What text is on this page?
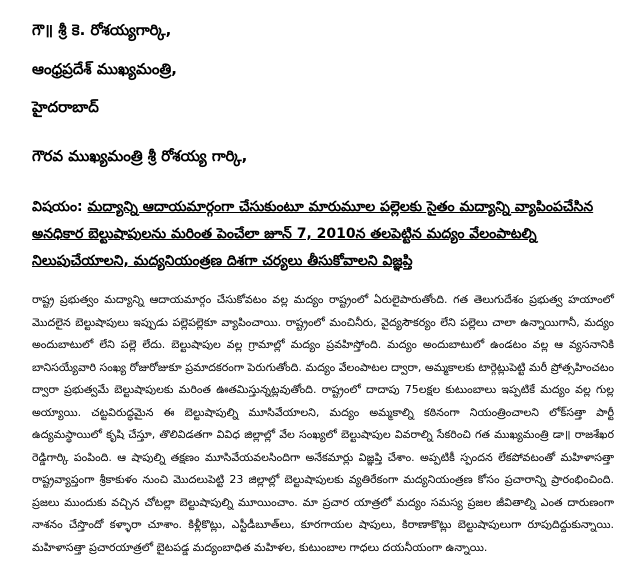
గౌ॥ శ్రీ కె. రోశయ్యగార్కి,
ఆంధ్రప్రదేశ్ ముఖ్యమంత్రి,
హైదరాబాద్
గౌరవ ముఖ్యమంత్రి శ్రీ రోశయ్య గార్కి,
విషయం: మద్యాన్ని ఆదాయమార్గంగా చేసుకుంటూ మారుమూల పల్లెలకు సైతం మద్యాన్ని వ్యాపింపచేసిన అనధికార బెల్టుషాపులను మరింత పెంచేలా జూన్ 7, 2010న తలపెట్టిన మద్యం వేలంపాటల్ని నిలుపుచేయాలని, మద్యనియంత్రణ దిశగా చర్యలు తీసుకోవాలని విజ్ఞప్తి
రాష్ట్ర ప్రభుత్వం మద్యాన్ని ఆదాయమార్గం చేసుకోవటం వల్ల మద్యం రాష్ట్రంలో ఏరులైపారుతోంది. గత తెలుగుదేశం ప్రభుత్వ హయాంలో మొదలైన బెల్టుషాపులు ఇప్పుడు పల్లెపల్లెకూ వ్యాపించాయి. రాష్ట్రంలో మంచినీరు, వైద్యసౌకర్యం లేని పల్లెలు చాలా ఉన్నాయిగానీ, మద్యం అందుబాటులో లేని పల్లె లేదు. బెల్టుషాపుల వల్ల గ్రామాల్లో మద్యం ప్రవహిస్తోంది. మద్యం అందుబాటులో ఉండటం వల్ల ఆ వ్యసనానికి బానిసయ్యేవారి సంఖ్య రోజురోజుకూ ప్రమాదకరంగా పెరుగుతోంది. మద్యం వేలంపాటల ద్వారా, అమ్మకాలకు టార్గెట్లుపెట్టి మరీ ప్రోత్సహించటం ద్వారా ప్రభుత్వమే బెల్టుషాపులకు మరింత ఊతమిస్తున్నట్లవుతోంది. రాష్ట్రంలో దాదాపు 75లక్షల కుటుంబాలు ఇప్పటికే మద్యం వల్ల గుల్ల అయ్యాయి. చట్టవిరుద్ధమైన ఈ బెల్టుషాపుల్ని మూసివేయాలని, మద్యం అమ్మకాల్ని కఠినంగా నియంత్రించాలని లోక్‌సత్తా పార్టీ ఉద్యమస్థాయిలో కృషి చేస్తూ, తొలివిడతగా వివిధ జిల్లాల్లో వేల సంఖ్యలో బెల్టుషాపుల వివరాల్ని సేకరించి గత ముఖ్యమంత్రి డా॥ రాజశేఖర రెడ్డిగార్కి పంపింది. ఆ షాపుల్ని తక్షణం మూసివేయవలసిందిగా అనేకమార్లు విజ్ఞప్తి చేశాం. అప్పటికీ స్పందన లేకపోవటంతో మహిళాసత్తా రాష్ట్రవ్యాప్తంగా శ్రీకాకుళం నుంచి మొదలుపెట్టి 23 జిల్లాల్లో బెల్టుషాపులకు వ్యతిరేకంగా మద్యనియంత్రణ కోసం ప్రచారాన్ని ప్రారంభించింది. ప్రజలు ముందుకు వచ్చిన చోటల్లా బెల్టుషాపుల్ని మూయించాం. మా ప్రచార యాత్రలో మద్యం సమస్య ప్రజల జీవితాల్ని ఎంత దారుణంగా నాశనం చేస్తొందో కళ్ళారా చూశాం. కిళ్లీకొట్లు, ఎస్టీడీబూత్‌లు, కూరగాయల షాపులు, కిరాణాకొట్లు బెల్టుషాపులుగా రూపుదిద్దుకున్నాయి. మహిళాసత్తా ప్రచారయాత్రలో బైటపడ్డ మద్యంబాధిత మహిళల, కుటుంబాల గాధలు దయనీయంగా ఉన్నాయి.
